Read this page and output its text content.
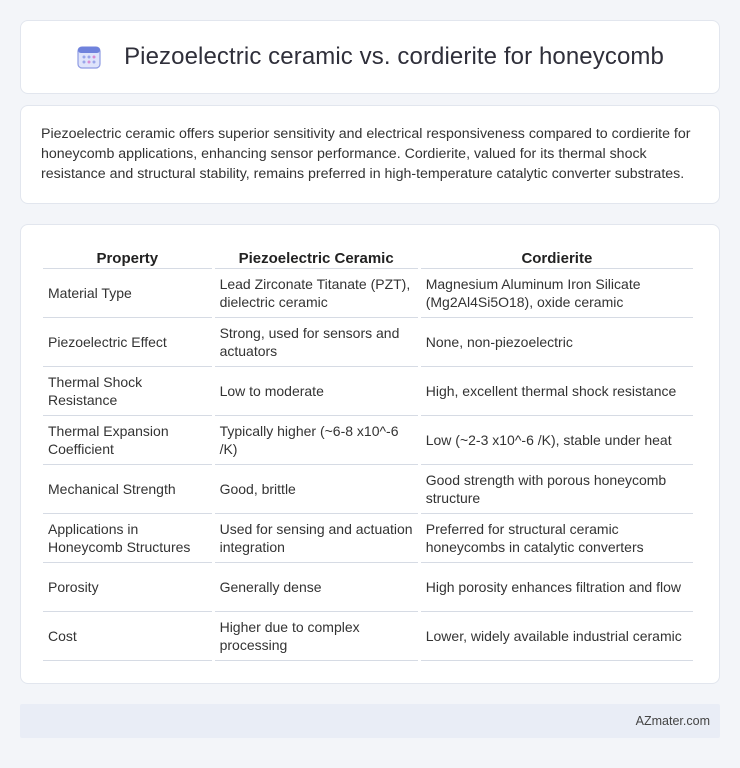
Piezoelectric ceramic vs. cordierite for honeycomb

Piezoelectric ceramic offers superior sensitivity and electrical responsiveness compared to cordierite for honeycomb applications, enhancing sensor performance. Cordierite, valued for its thermal shock resistance and structural stability, remains preferred in high-temperature catalytic converter substrates.

Property	Piezoelectric Ceramic	Cordierite
Material Type	Lead Zirconate Titanate (PZT), dielectric ceramic	Magnesium Aluminum Iron Silicate (Mg2Al4Si5O18), oxide ceramic
Piezoelectric Effect	Strong, used for sensors and actuators	None, non-piezoelectric
Thermal Shock Resistance	Low to moderate	High, excellent thermal shock resistance
Thermal Expansion Coefficient	Typically higher (~6-8 x10^-6 /K)	Low (~2-3 x10^-6 /K), stable under heat
Mechanical Strength	Good, brittle	Good strength with porous honeycomb structure
Applications in Honeycomb Structures	Used for sensing and actuation integration	Preferred for structural ceramic honeycombs in catalytic converters
Porosity	Generally dense	High porosity enhances filtration and flow
Cost	Higher due to complex processing	Lower, widely available industrial ceramic
AZmater.com
